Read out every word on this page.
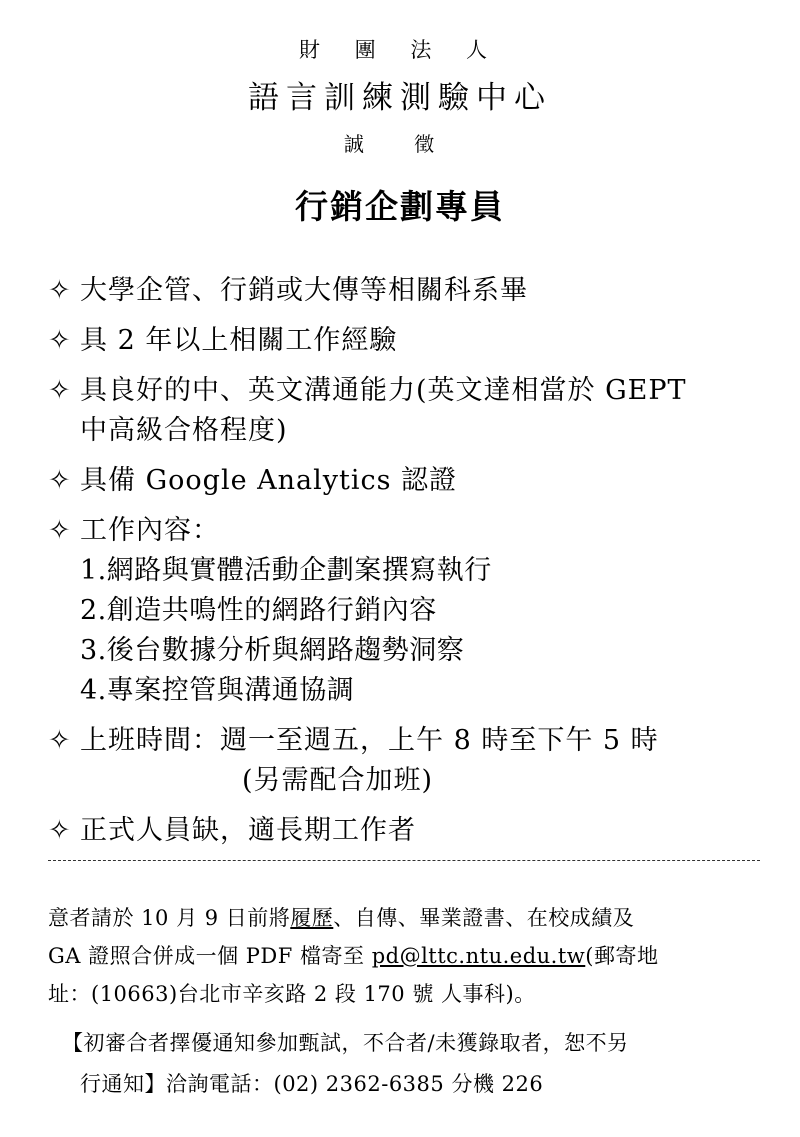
財 團 法 人
語言訓練測驗中心
誠 徵
行銷企劃專員
✧ 大學企管、行銷或大傳等相關科系畢
✧ 具 2 年以上相關工作經驗
✧ 具良好的中、英文溝通能力(英文達相當於 GEPT
中高級合格程度)
✧ 具備 Google Analytics 認證
✧ 工作內容：
1.網路與實體活動企劃案撰寫執行
2.創造共鳴性的網路行銷內容
3.後台數據分析與網路趨勢洞察
4.專案控管與溝通協調
✧ 上班時間：週一至週五，上午 8 時至下午 5 時
(另需配合加班)
✧ 正式人員缺，適長期工作者
意者請於 10 月 9 日前將履歷、自傳、畢業證書、在校成績及
GA 證照合併成一個 PDF 檔寄至 pd@lttc.ntu.edu.tw(郵寄地
址：(10663)台北市辛亥路 2 段 170 號 人事科)。
【初審合者擇優通知參加甄試，不合者/未獲錄取者，恕不另
行通知】洽詢電話：(02) 2362-6385 分機 226
